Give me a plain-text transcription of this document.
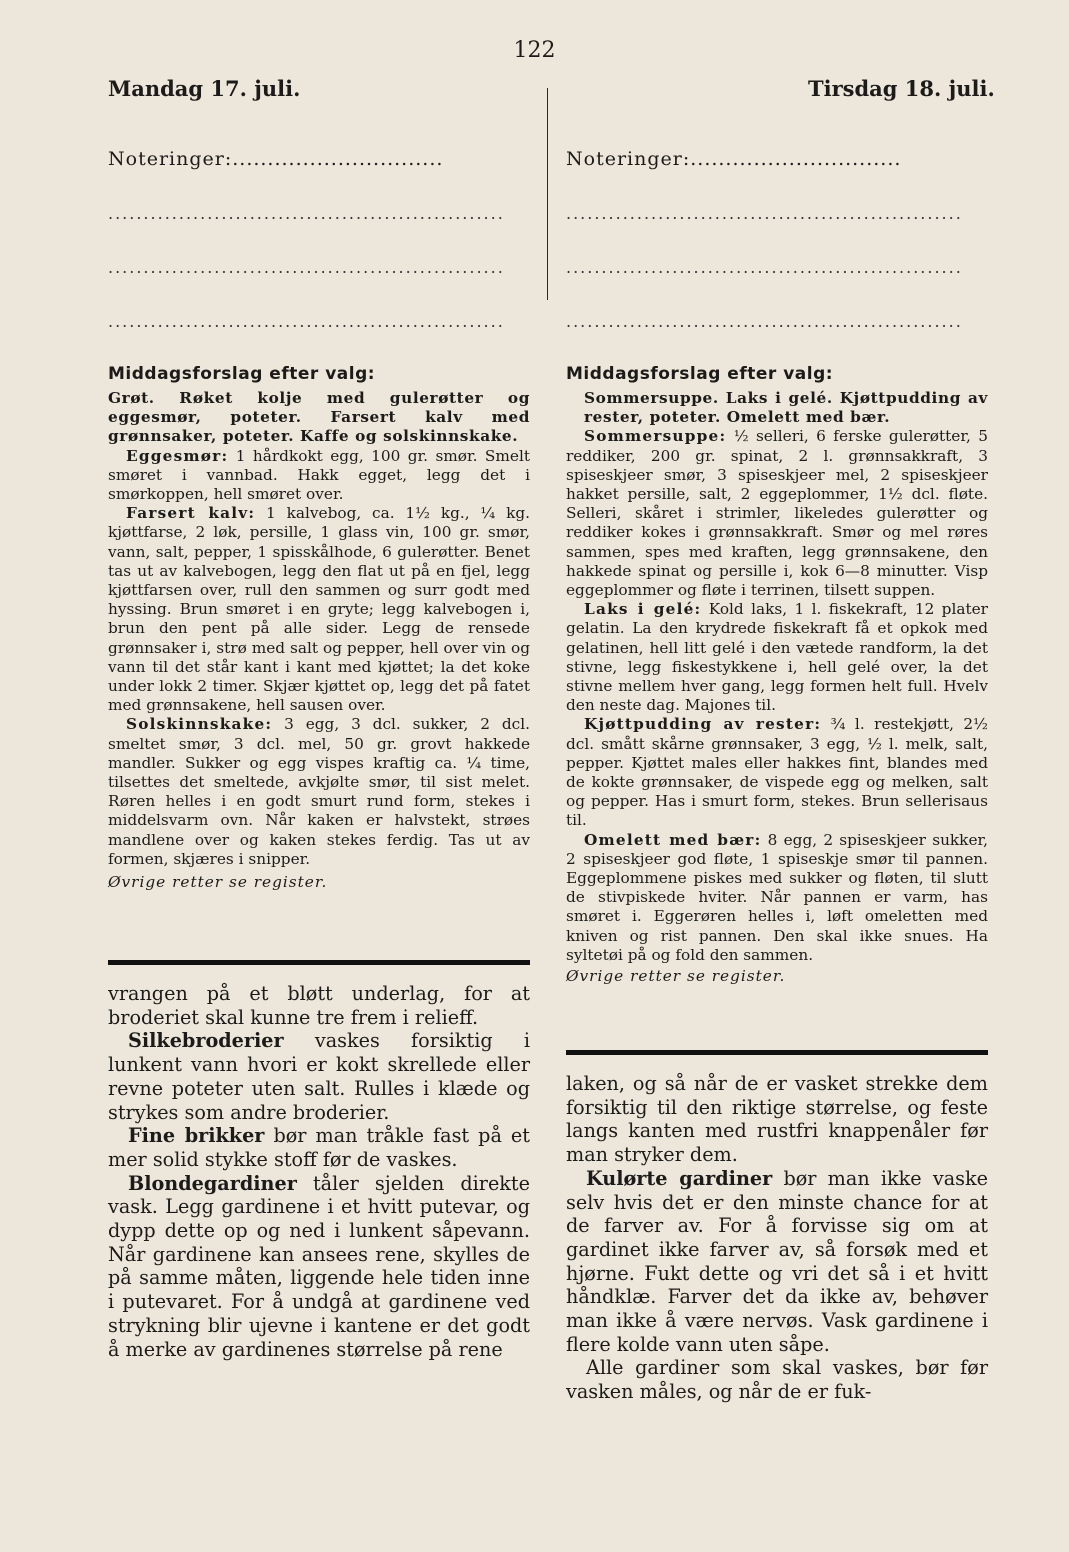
122
Mandag 17. juli.
Noteringer:..............................
........................................................
........................................................
........................................................
Middagsforslag efter valg:

Grøt. Røket kolje med gulerøtter og eggesmør, poteter. Farsert kalv med grønnsaker, poteter. Kaffe og solskinnskake.

Eggesmør: 1 hårdkokt egg, 100 gr. smør. Smelt smøret i vannbad. Hakk egget, legg det i smørkoppen, hell smøret over.

Farsert kalv: 1 kalvebog, ca. 1½ kg., ¼ kg. kjøttfarse, 2 løk, persille, 1 glass vin, 100 gr. smør, vann, salt, pepper, 1 spisskålhode, 6 gulerøtter. Benet tas ut av kalvebogen, legg den flat ut på en fjel, legg kjøttfarsen over, rull den sammen og surr godt med hyssing. Brun smøret i en gryte; legg kalvebogen i, brun den pent på alle sider. Legg de rensede grønnsaker i, strø med salt og pepper, hell over vin og vann til det står kant i kant med kjøttet; la det koke under lokk 2 timer. Skjær kjøttet op, legg det på fatet med grønnsakene, hell sausen over.

Solskinnskake: 3 egg, 3 dcl. sukker, 2 dcl. smeltet smør, 3 dcl. mel, 50 gr. grovt hakkede mandler. Sukker og egg vispes kraftig ca. ¼ time, tilsettes det smeltede, avkjølte smør, til sist melet. Røren helles i en godt smurt rund form, stekes i middelsvarm ovn. Når kaken er halvstekt, strøes mandlene over og kaken stekes ferdig. Tas ut av formen, skjæres i snipper.

Øvrige retter se register.

vrangen på et bløtt underlag, for at broderiet skal kunne tre frem i relieff.

Silkebroderier vaskes forsiktig i lunkent vann hvori er kokt skrellede eller revne poteter uten salt. Rulles i klæde og strykes som andre broderier.

Fine brikker bør man tråkle fast på et mer solid stykke stoff før de vaskes.

Blondegardiner tåler sjelden direkte vask. Legg gardinene i et hvitt putevar, og dypp dette op og ned i lunkent såpevann. Når gardinene kan ansees rene, skylles de på samme måten, liggende hele tiden inne i putevaret. For å undgå at gardinene ved strykning blir ujevne i kantene er det godt å merke av gardinenes størrelse på rene

Tirsdag 18. juli.
Noteringer:..............................
........................................................
........................................................
........................................................
Middagsforslag efter valg:

Sommersuppe. Laks i gelé. Kjøttpudding av rester, poteter. Omelett med bær.

Sommersuppe: ½ selleri, 6 ferske gulerøtter, 5 reddiker, 200 gr. spinat, 2 l. grønnsakkraft, 3 spiseskjeer smør, 3 spiseskjeer mel, 2 spiseskjeer hakket persille, salt, 2 eggeplommer, 1½ dcl. fløte. Selleri, skåret i strimler, likeledes gulerøtter og reddiker kokes i grønnsakkraft. Smør og mel røres sammen, spes med kraften, legg grønnsakene, den hakkede spinat og persille i, kok 6—8 minutter. Visp eggeplommer og fløte i terrinen, tilsett suppen.

Laks i gelé: Kold laks, 1 l. fiskekraft, 12 plater gelatin. La den krydrede fiskekraft få et opkok med gelatinen, hell litt gelé i den vætede randform, la det stivne, legg fiskestykkene i, hell gelé over, la det stivne mellem hver gang, legg formen helt full. Hvelv den neste dag. Majones til.

Kjøttpudding av rester: ¾ l. restekjøtt, 2½ dcl. smått skårne grønnsaker, 3 egg, ½ l. melk, salt, pepper. Kjøttet males eller hakkes fint, blandes med de kokte grønnsaker, de vispede egg og melken, salt og pepper. Has i smurt form, stekes. Brun sellerisaus til.

Omelett med bær: 8 egg, 2 spiseskjeer sukker, 2 spiseskjeer god fløte, 1 spiseskje smør til pannen. Eggeplommene piskes med sukker og fløten, til slutt de stivpiskede hviter. Når pannen er varm, has smøret i. Eggerøren helles i, løft omeletten med kniven og rist pannen. Den skal ikke snues. Ha syltetøi på og fold den sammen.

Øvrige retter se register.

laken, og så når de er vasket strekke dem forsiktig til den riktige størrelse, og feste langs kanten med rustfri knappenåler før man stryker dem.

Kulørte gardiner bør man ikke vaske selv hvis det er den minste chance for at de farver av. For å forvisse sig om at gardinet ikke farver av, så forsøk med et hjørne. Fukt dette og vri det så i et hvitt håndklæ. Farver det da ikke av, behøver man ikke å være nervøs. Vask gardinene i flere kolde vann uten såpe.

Alle gardiner som skal vaskes, bør før vasken måles, og når de er fuk-
